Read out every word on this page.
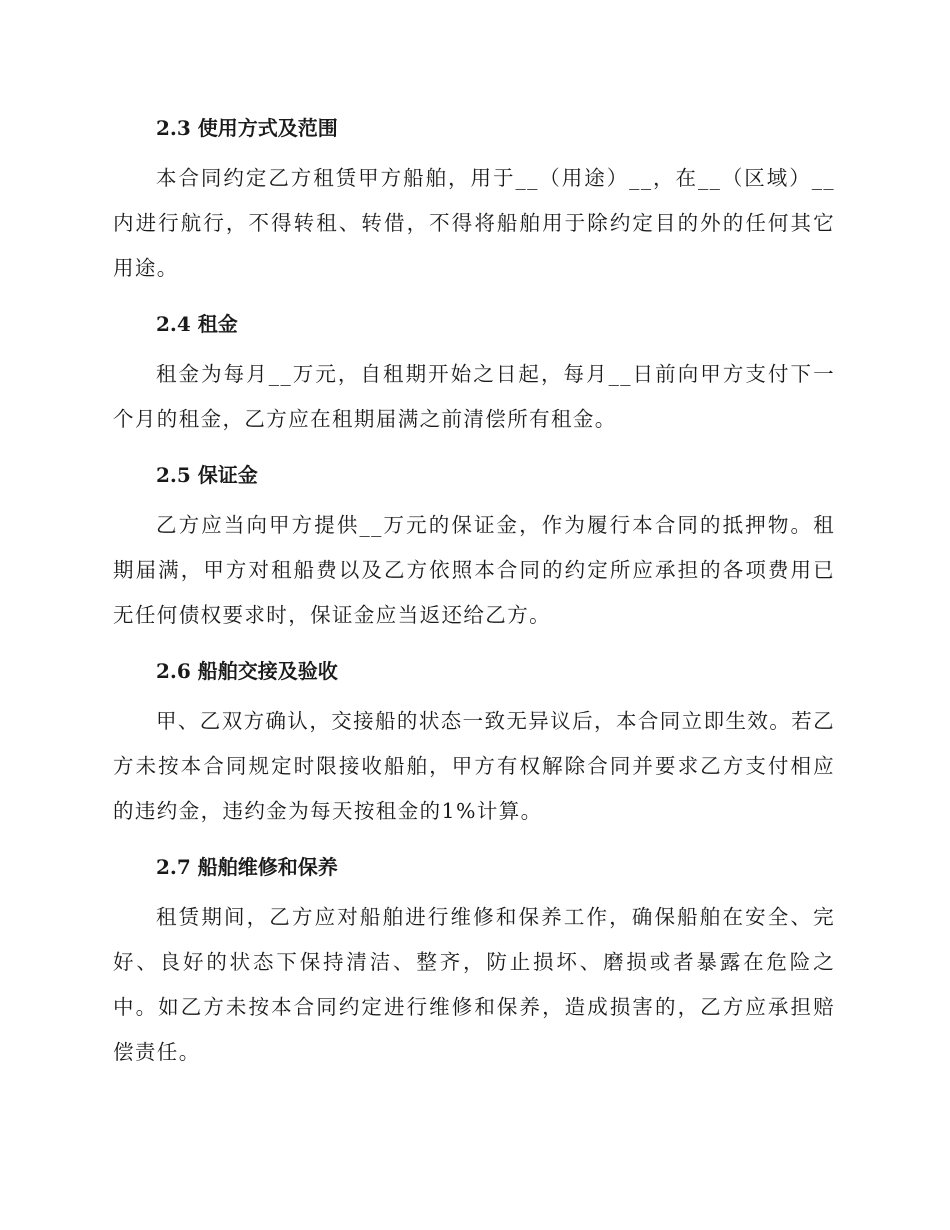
2.3 使用方式及范围

本合同约定乙方租赁甲方船舶，用于__（用途）__，在__（区域）__内进行航行，不得转租、转借，不得将船舶用于除约定目的外的任何其它用途。

2.4 租金

租金为每月__万元，自租期开始之日起，每月__日前向甲方支付下一个月的租金，乙方应在租期届满之前清偿所有租金。

2.5 保证金

乙方应当向甲方提供__万元的保证金，作为履行本合同的抵押物。租期届满，甲方对租船费以及乙方依照本合同的约定所应承担的各项费用已无任何债权要求时，保证金应当返还给乙方。

2.6 船舶交接及验收

甲、乙双方确认，交接船的状态一致无异议后，本合同立即生效。若乙方未按本合同规定时限接收船舶，甲方有权解除合同并要求乙方支付相应的违约金，违约金为每天按租金的1%计算。

2.7 船舶维修和保养

租赁期间，乙方应对船舶进行维修和保养工作，确保船舶在安全、完好、良好的状态下保持清洁、整齐，防止损坏、磨损或者暴露在危险之中。如乙方未按本合同约定进行维修和保养，造成损害的，乙方应承担赔偿责任。
